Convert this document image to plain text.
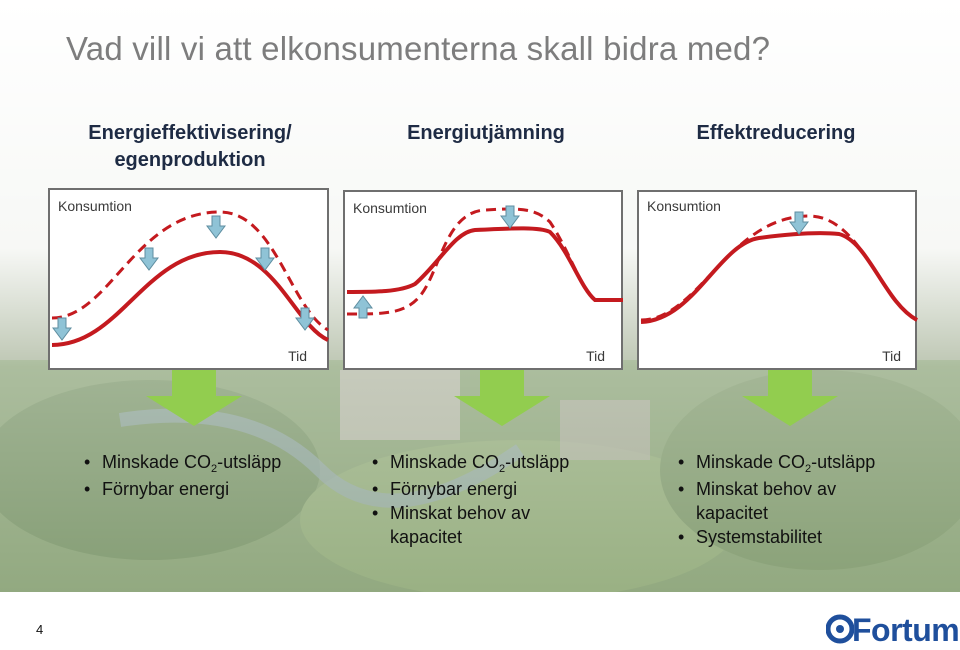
Vad vill vi att elkonsumenterna skall bidra med?
Energieffektivisering/
egenproduktion
Energiutjämning	Effektreducering
Konsumtion
Tid
Konsumtion
Tid
Konsumtion
Tid
• Minskade $CO_2$-utsläpp
• Förnybar energi
• Minskade $CO_2$-utsläpp
• Förnybar energi
• Minskat behov av kapacitet
• Minskade $CO_2$-utsläpp
• Minskat behov av kapacitet
• Systemstabilitet
4	Fortum
